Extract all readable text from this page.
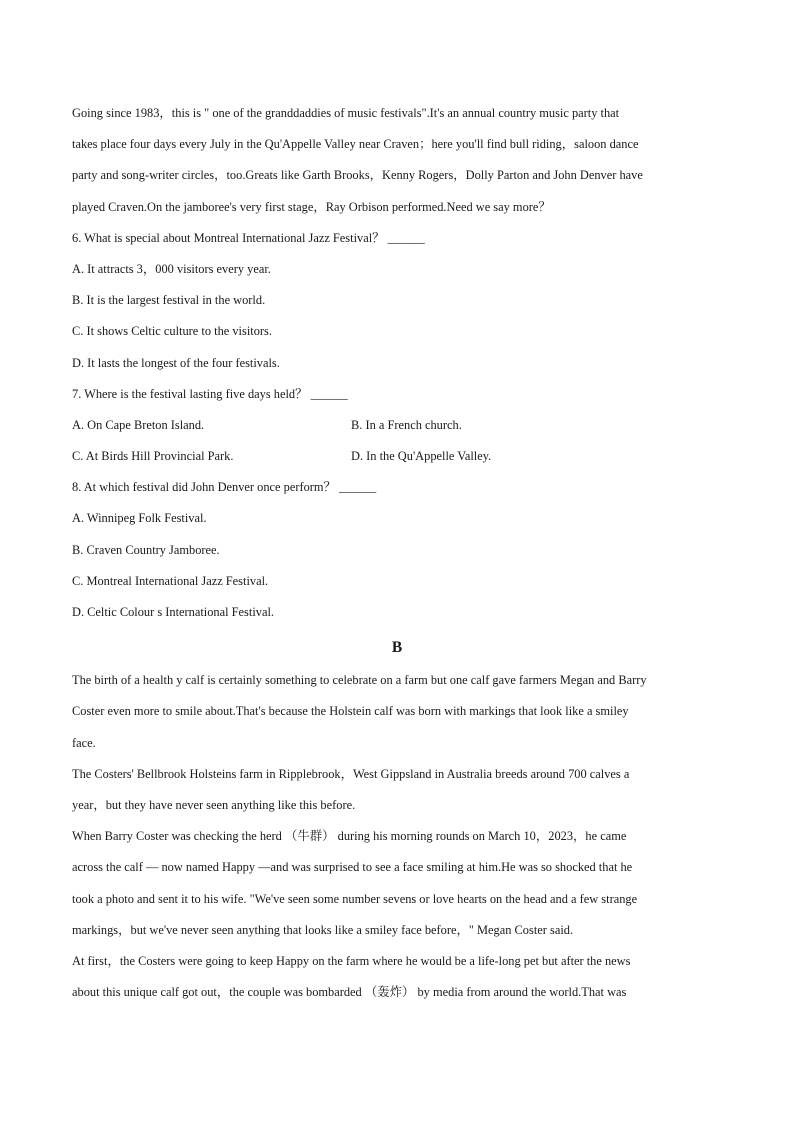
Going since 1983，this is " one of the granddaddies of music festivals".It's an annual country music party that
takes place four days every July in the Qu'Appelle Valley near Craven；here you'll find bull riding，saloon dance
party and song-writer circles，too.Greats like Garth Brooks，Kenny Rogers，Dolly Parton and John Denver have
played Craven.On the jamboree's very first stage，Ray Orbison performed.Need we say more？
6. What is special about Montreal International Jazz Festival？ ______
A. It attracts 3，000 visitors every year.
B. It is the largest festival in the world.
C. It shows Celtic culture to the visitors.
D. It lasts the longest of the four festivals.
7. Where is the festival lasting five days held？ ______
A. On Cape Breton Island.	B. In a French church.
C. At Birds Hill Provincial Park.	D. In the Qu'Appelle Valley.
8. At which festival did John Denver once perform？ ______
A. Winnipeg Folk Festival.
B. Craven Country Jamboree.
C. Montreal International Jazz Festival.
D. Celtic Colour s International Festival.
B
The birth of a health y calf is certainly something to celebrate on a farm but one calf gave farmers Megan and Barry
Coster even more to smile about.That's because the Holstein calf was born with markings that look like a smiley
face.
The Costers' Bellbrook Holsteins farm in Ripplebrook，West Gippsland in Australia breeds around 700 calves a
year，but they have never seen anything like this before.
When Barry Coster was checking the herd （牛群） during his morning rounds on March 10，2023，he came
across the calf — now named Happy —and was surprised to see a face smiling at him.He was so shocked that he
took a photo and sent it to his wife. "We've seen some number sevens or love hearts on the head and a few strange
markings，but we've never seen anything that looks like a smiley face before，" Megan Coster said.
At first，the Costers were going to keep Happy on the farm where he would be a life-long pet but after the news
about this unique calf got out，the couple was bombarded （轰炸） by media from around the world.That was
